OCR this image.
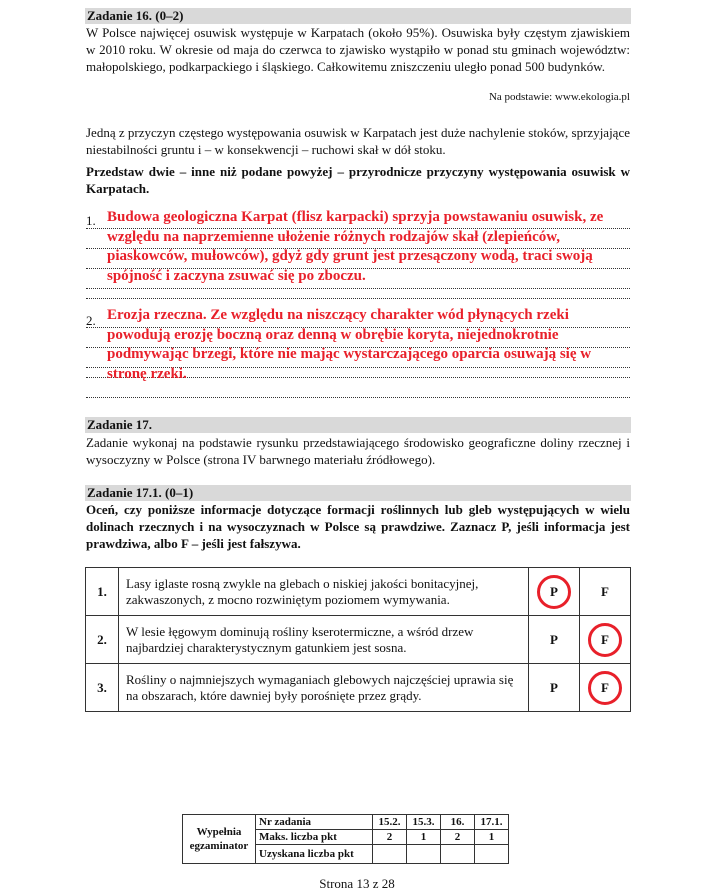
Zadanie 16. (0–2)
W Polsce najwięcej osuwisk występuje w Karpatach (około 95%). Osuwiska były częstym zjawiskiem w 2010 roku. W okresie od maja do czerwca to zjawisko wystąpiło w ponad stu gminach województw: małopolskiego, podkarpackiego i śląskiego. Całkowitemu zniszczeniu uległo ponad 500 budynków.
Na podstawie: www.ekologia.pl
Jedną z przyczyn częstego występowania osuwisk w Karpatach jest duże nachylenie stoków, sprzyjające niestabilności gruntu i – w konsekwencji – ruchowi skał w dół stoku.
Przedstaw dwie – inne niż podane powyżej – przyrodnicze przyczyny występowania osuwisk w Karpatach.
1. Budowa geologiczna Karpat (flisz karpacki) sprzyja powstawaniu osuwisk, ze względu na naprzemienne ułożenie różnych rodzajów skał (zlepieńców, piaskowców, mułowców), gdyż gdy grunt jest przesączony wodą, traci swoją spójność i zaczyna zsuwać się po zboczu.
2. Erozja rzeczna. Ze względu na niszczący charakter wód płynących rzeki powodują erozję boczną oraz denną w obrębie koryta, niejednokrotnie podmywając brzegi, które nie mając wystarczającego oparcia osuwają się w stronę rzeki.
Zadanie 17.
Zadanie wykonaj na podstawie rysunku przedstawiającego środowisko geograficzne doliny rzecznej i wysoczyzny w Polsce (strona IV barwnego materiału źródłowego).
Zadanie 17.1. (0–1)
Oceń, czy poniższe informacje dotyczące formacji roślinnych lub gleb występujących w wielu dolinach rzecznych i na wysoczyznach w Polsce są prawdziwe. Zaznacz P, jeśli informacja jest prawdziwa, albo F – jeśli jest fałszywa.
1.	Lasy iglaste rosną zwykle na glebach o niskiej jakości bonitacyjnej, zakwaszonych, z mocno rozwiniętym poziomem wymywania.	P	F
2.	W lesie łęgowym dominują rośliny kserotermiczne, a wśród drzew najbardziej charakterystycznym gatunkiem jest sosna.	P	F

3.	Rośliny o najmniejszych wymaganiach glebowych najczęściej uprawia się na obszarach, które dawniej były porośnięte przez grądy.	P	F
Wypełnia
egzaminator	Nr zadania	15.2.	15.3.	16.	17.1.
	Maks. liczba pkt	2	1	2	1
	Uzyskana liczba pkt				
Strona 13 z 28
